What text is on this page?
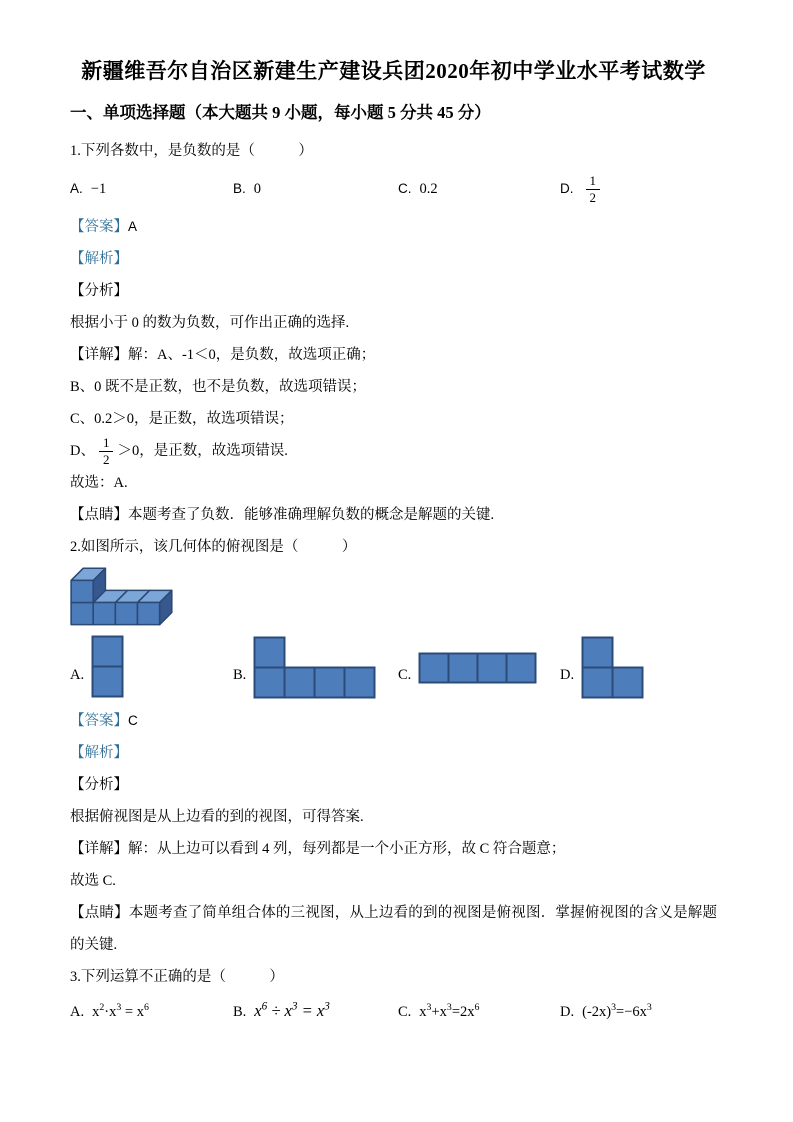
新疆维吾尔自治区新建生产建设兵团2020年初中学业水平考试数学
一、单项选择题（本大题共 9 小题，每小题 5 分共 45 分）

1.下列各数中，是负数的是（　　　）

A. −1	B. 0	C. 0.2	D. $\frac{1}{2}$

【答案】A

【解析】

【分析】

根据小于 0 的数为负数，可作出正确的选择.

【详解】解：A、-1＜0，是负数，故选项正确；

B、0 既不是正数，也不是负数，故选项错误；

C、0.2＞0，是正数，故选项错误；

D、 $\frac{1}{2} >0$，是正数，故选项错误.

故选：A.

【点睛】本题考查了负数．能够准确理解负数的概念是解题的关键.

2.如图所示，该几何体的俯视图是（　　　）

A.	B.	C.	D.

【答案】C

【解析】

【分析】

根据俯视图是从上边看的到的视图，可得答案.

【详解】解：从上边可以看到 4 列，每列都是一个小正方形，故 C 符合题意；

故选 C.

【点睛】本题考查了简单组合体的三视图，从上边看的到的视图是俯视图．掌握俯视图的含义是解题的关键.

3.下列运算不正确的是（　　　）

A. $x^2\cdot x^3 = x^6$	B. $x^6 \div x^3 = x^3$	C. $x^3+x^3=2x^6$	D. $(-2x)^3=-6x^3$
